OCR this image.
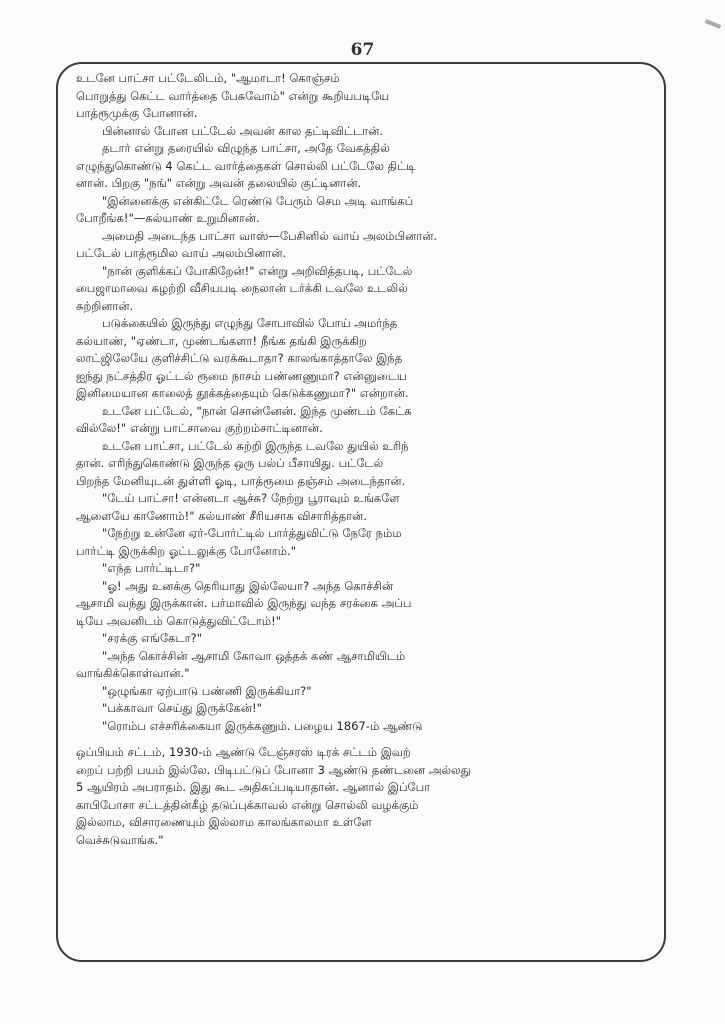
67
உடனே பாட்சா பட்டேலிடம், "ஆமாடா! கொஞ்சம்
பொறுத்து கெட்ட வார்த்தை பேசுவோம்" என்று கூறியபடியே
பாத்ரூமுக்கு போனான்.
பின்னால் போன பட்டேல் அவன் கால தட்டிவிட்டான்.
தடார் என்று தரையில் விழுந்த பாட்சா, அதே வேகத்தில்
எழுந்துகொண்டு 4 கெட்ட வார்த்தைகள் சொல்லி பட்டேலே திட்டி
னான். பிறகு "நங்" என்று அவன் தலையில் குட்டினான்.
"இன்னைக்கு என்கிட்டே ரெண்டு பேரும் செம அடி வாங்கப்
போறீங்க!"—கல்யாண் உறுமினான்.
அமைதி அடைந்த பாட்சா வாஸ்—பேசினில் வாய் அலம்பினான்.
பட்டேல் பாத்ரூமில வாய் அலம்பினான்.
"நான் குளிக்கப் போகிறேன்!" என்று அறிவித்தபடி, பட்டேல்
பைஜாமாவை கழற்றி வீசியபடி நைலான் டர்க்கி டவலே உடலில்
சுற்றினான்.
படுக்கையில் இருந்து எழுந்து சோபாவில் போய் அமர்ந்த
கல்யாண், "ஏண்டா, முண்டங்களா! நீங்க தங்கி இருக்கிற
லாட்ஜிலேயே குளிச்சிட்டு வரக்கூடாதா? காலங்காத்தாலே இந்த
ஐந்து நட்சத்திர ஓட்டல் ரூமை நாசம் பண்ணணுமா? என்னுடைய
இனிமையான காலைத் தூக்கத்தையும் கெடுக்கணுமா?" என்றான்.
உடனே பட்டேல், "நான் சொன்னேன். இந்த முண்டம் கேட்க
வில்லே!" என்று பாட்சாவை குற்றம்சாட்டினான்.
உடனே பாட்சா, பட்டேல் சுற்றி இருந்த டவலே துயில் உரிந்
தான். எரிந்துகொண்டு இருந்த ஒரு பல்ப் பீசாயிது. பட்டேல்
பிறந்த மேனியுடன் துள்ளி ஓடி, பாத்ரூமை தஞ்சம் அடைந்தான்.
"டேய் பாட்சா! என்னடா ஆச்சு? நேற்று பூராவும் உங்களே
ஆளையே காணோம்!" கல்யாண் சீரியசாக விசாரித்தான்.
"நேற்று உன்னே ஏர்-போர்ட்டில் பார்த்துவிட்டு நேரே நம்ம
பார்ட்டி இருக்கிற ஓட்டலுக்கு போனோம்."
"எந்த பார்ட்டிடா?"
"ஓ! அது உனக்கு தெரியாது இல்லேயா? அந்த கொச்சின்
ஆசாமி வந்து இருக்கான். பர்மாவில் இருந்து வந்த சரக்கை அப்ப
டியே அவனிடம் கொடுத்துவிட்டோம்!"
"சரக்கு எங்கேடா?"
"அந்த கொச்சின் ஆசாமி கோவா ஒத்தக் கண் ஆசாமியிடம்
வாங்கிக்கொள்வான்."
"ஒழுங்கா ஏற்பாடு பண்ணி இருக்கியா?"
"பக்காவா செய்து இருக்கேன்!"
"ரொம்ப எச்சரிக்கையா இருக்கணும். பழைய 1867-ம் ஆண்டு
ஒப்பியம் சட்டம், 1930-ம் ஆண்டு டேஞ்சரஸ் டிரக் சட்டம் இவற்
றைப் பற்றி பயம் இல்லே. பிடிபட்டுப் போனா 3 ஆண்டு தண்டனை அல்லது
5 ஆயிரம் அபராதம். இது கூட அதிகப்படியாதான். ஆனால் இப்போ
காபிபோசா சட்டத்தின்கீழ் தடுப்புக்காவல் என்று சொல்லி வழக்கும்
இல்லாம, விசாரணையும் இல்லாம காலங்காலமா உள்ளே
வெச்சுடுவாங்க."
